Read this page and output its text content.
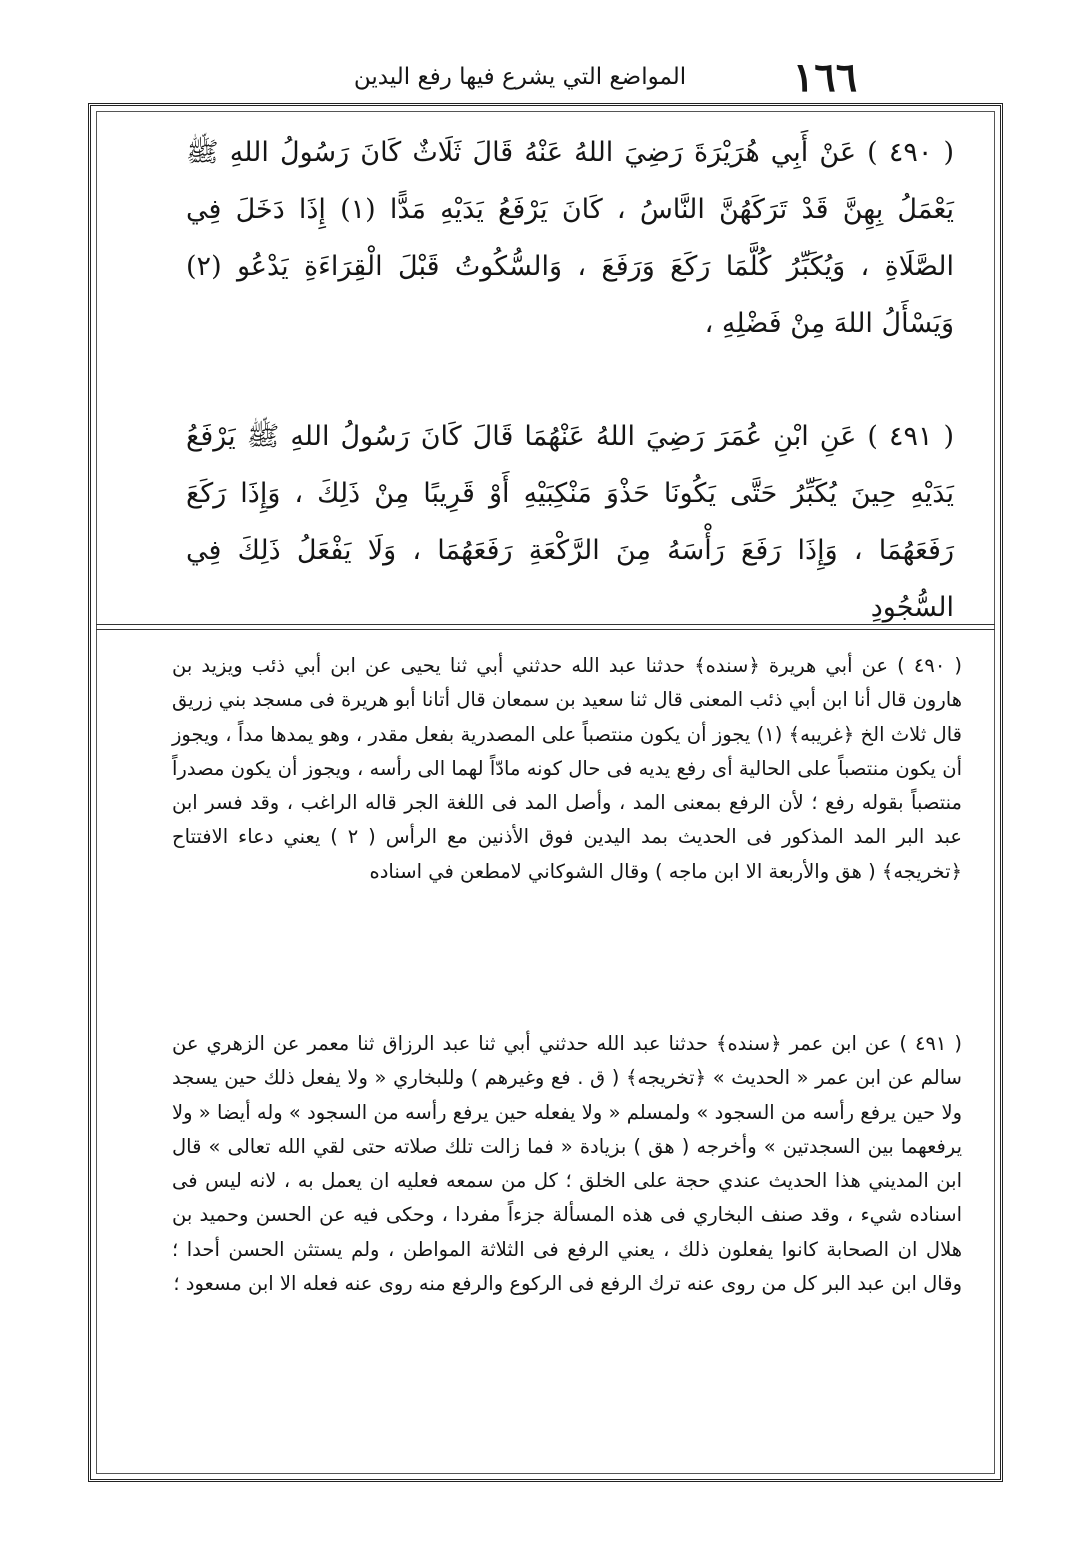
١٦٦
المواضع التي يشرع فيها رفع اليدين

( ٤٩٠ ) عَنْ أَبِي هُرَيْرَةَ رَضِيَ اللهُ عَنْهُ قَالَ ثَلَاثٌ كَانَ رَسُولُ اللهِ ﷺ يَعْمَلُ بِهِنَّ قَدْ تَرَكَهُنَّ النَّاسُ ، كَانَ يَرْفَعُ يَدَيْهِ مَدًّا (١) إِذَا دَخَلَ فِي الصَّلَاةِ ، وَيُكَبِّرُ كُلَّمَا رَكَعَ وَرَفَعَ ، وَالسُّكُوتُ قَبْلَ الْقِرَاءَةِ يَدْعُو (٢) وَيَسْأَلُ اللهَ مِنْ فَضْلِهِ ،

( ٤٩١ ) عَنِ ابْنِ عُمَرَ رَضِيَ اللهُ عَنْهُمَا قَالَ كَانَ رَسُولُ اللهِ ﷺ يَرْفَعُ يَدَيْهِ حِينَ يُكَبِّرُ حَتَّى يَكُونَا حَذْوَ مَنْكِبَيْهِ أَوْ قَرِيبًا مِنْ ذَلِكَ ، وَإِذَا رَكَعَ رَفَعَهُمَا ، وَإِذَا رَفَعَ رَأْسَهُ مِنَ الرَّكْعَةِ رَفَعَهُمَا ، وَلَا يَفْعَلُ ذَلِكَ فِي السُّجُودِ

( ٤٩٠ ) عن أبي هريرة ﴿سنده﴾ حدثنا عبد الله حدثني أبي ثنا يحيى عن ابن أبي ذئب ويزيد بن هارون قال أنا ابن أبي ذئب المعنى قال ثنا سعيد بن سمعان قال أتانا أبو هريرة فى مسجد بني زريق قال ثلاث الخ ﴿غريبه﴾ (١) يجوز أن يكون منتصباً على المصدرية بفعل مقدر ، وهو يمدها مداً ، ويجوز أن يكون منتصباً على الحالية أى رفع يديه فى حال كونه مادّاً لهما الى رأسه ، ويجوز أن يكون مصدراً منتصباً بقوله رفع ؛ لأن الرفع بمعنى المد ، وأصل المد فى اللغة الجر قاله الراغب ، وقد فسر ابن عبد البر المد المذكور فى الحديث بمد اليدين فوق الأذنين مع الرأس ( ٢ ) يعني دعاء الافتتاح ﴿تخريجه﴾ ( هق والأربعة الا ابن ماجه ) وقال الشوكاني لامطعن في اسناده

( ٤٩١ ) عن ابن عمر ﴿سنده﴾ حدثنا عبد الله حدثني أبي ثنا عبد الرزاق ثنا معمر عن الزهري عن سالم عن ابن عمر « الحديث » ﴿تخريجه﴾ ( ق . فع وغيرهم ) وللبخاري « ولا يفعل ذلك حين يسجد ولا حين يرفع رأسه من السجود » ولمسلم « ولا يفعله حين يرفع رأسه من السجود » وله أيضا « ولا يرفعهما بين السجدتين » وأخرجه ( هق ) بزيادة « فما زالت تلك صلاته حتى لقي الله تعالى » قال ابن المديني هذا الحديث عندي حجة على الخلق ؛ كل من سمعه فعليه ان يعمل به ، لانه ليس فى اسناده شيء ، وقد صنف البخاري فى هذه المسألة جزءاً مفردا ، وحكى فيه عن الحسن وحميد بن هلال ان الصحابة كانوا يفعلون ذلك ، يعني الرفع فى الثلاثة المواطن ، ولم يستثن الحسن أحدا ؛ وقال ابن عبد البر كل من روى عنه ترك الرفع فى الركوع والرفع منه روى عنه فعله الا ابن مسعود ؛
